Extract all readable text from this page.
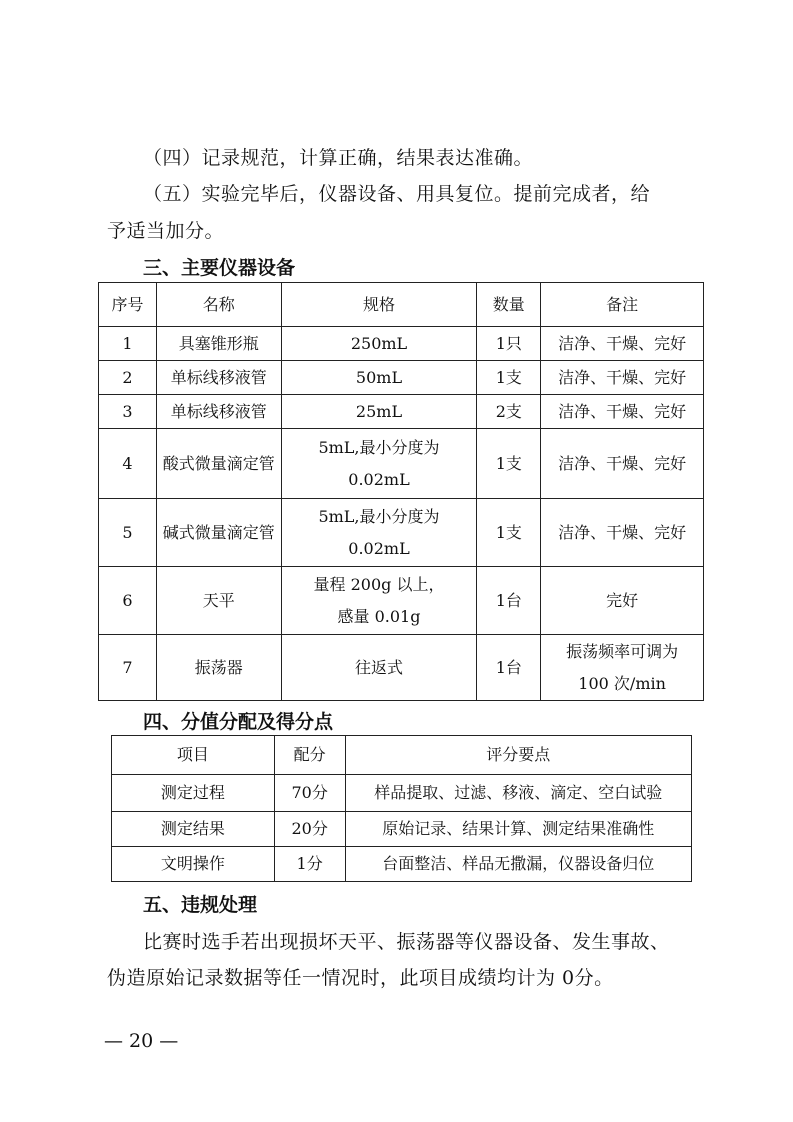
（四）记录规范，计算正确，结果表达准确。

（五）实验完毕后，仪器设备、用具复位。提前完成者，给

予适当加分。

三、主要仪器设备
序号	名称	规格	数量	备注
1	具塞锥形瓶	250mL	1只	洁净、干燥、完好

2	单标线移液管	50mL	1支	洁净、干燥、完好

3	单标线移液管	25mL	2支	洁净、干燥、完好

4	酸式微量滴定管	5mL,最小分度为
0.02mL	1支	洁净、干燥、完好

5	碱式微量滴定管	5mL,最小分度为
0.02mL	1支	洁净、干燥、完好

6	天平	量程 200g 以上，
感量 0.01g	1台	完好

7	振荡器	往返式	1台	振荡频率可调为
100 次/min
四、分值分配及得分点
项目	配分	评分要点
测定过程	70分	样品提取、过滤、移液、滴定、空白试验
测定结果	20分	原始记录、结果计算、测定结果准确性
文明操作	1分	台面整洁、样品无撒漏，仪器设备归位
五、违规处理

比赛时选手若出现损坏天平、振荡器等仪器设备、发生事故、

伪造原始记录数据等任一情况时，此项目成绩均计为 0分。

— 20 —
